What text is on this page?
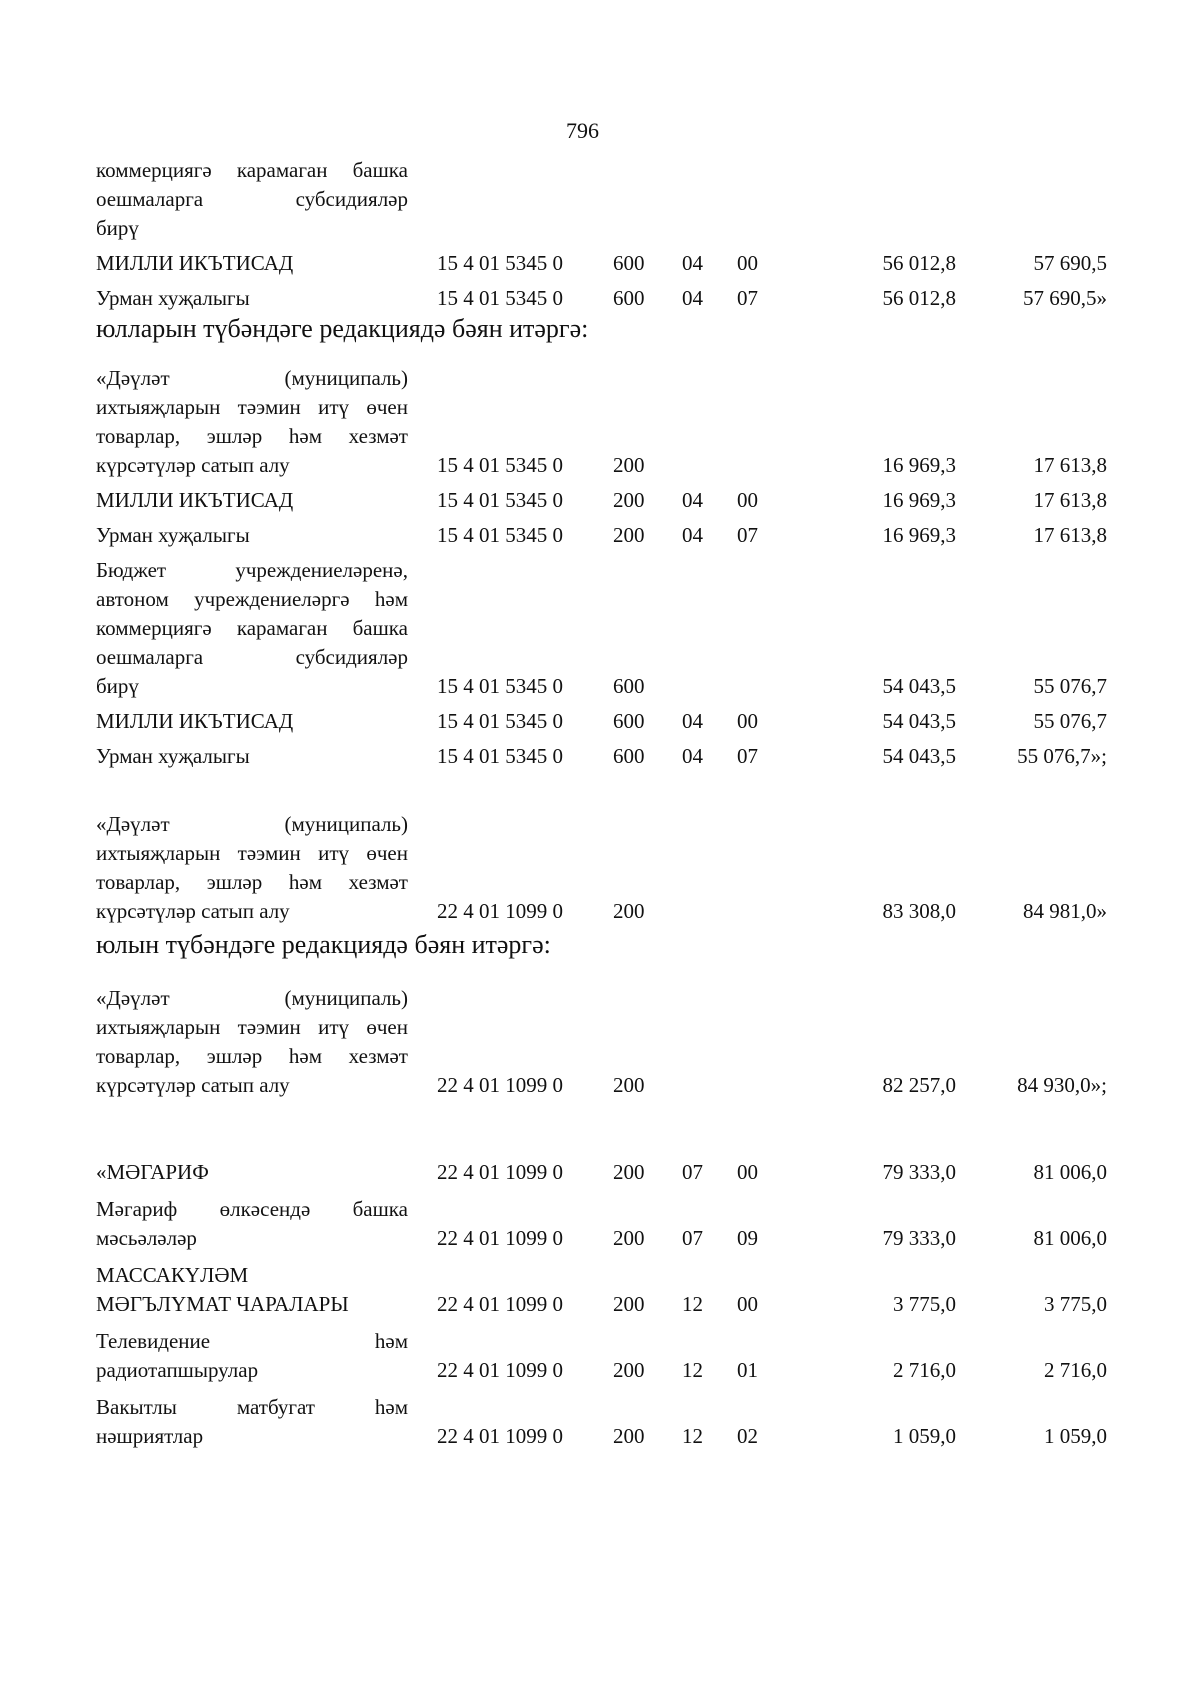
796
коммерциягә карамаган башка
оешмаларга субсидияләр
бирү
МИЛЛИ ИКЪТИСАД	15 4 01 5345 0 600 04 00	56 012,8	57 690,5
Урман хуҗалыгы	15 4 01 5345 0 600 04 07	56 012,8	57 690,5»
юлларын түбәндәге редакциядә бәян итәргә:
«Дәүләт (муниципаль)
ихтыяҗларын тәэмин итү өчен
товарлар, эшләр һәм хезмәт
күрсәтүләр сатып алу	15 4 01 5345 0 200	16 969,3	17 613,8
МИЛЛИ ИКЪТИСАД	15 4 01 5345 0 200 04 00	16 969,3	17 613,8
Урман хуҗалыгы	15 4 01 5345 0 200 04 07	16 969,3	17 613,8
Бюджет учреждениеләренә,
автоном учреждениеләргә һәм
коммерциягә карамаган башка
оешмаларга субсидияләр
бирү	15 4 01 5345 0 600	54 043,5	55 076,7
МИЛЛИ ИКЪТИСАД	15 4 01 5345 0 600 04 00	54 043,5	55 076,7
Урман хуҗалыгы	15 4 01 5345 0 600 04 07	54 043,5	55 076,7»;
«Дәүләт (муниципаль)
ихтыяҗларын тәэмин итү өчен
товарлар, эшләр һәм хезмәт
күрсәтүләр сатып алу	22 4 01 1099 0 200	83 308,0	84 981,0»
юлын түбәндәге редакциядә бәян итәргә:
«Дәүләт (муниципаль)
ихтыяҗларын тәэмин итү өчен
товарлар, эшләр һәм хезмәт
күрсәтүләр сатып алу	22 4 01 1099 0 200	82 257,0	84 930,0»;
«МӘГАРИФ	22 4 01 1099 0 200 07 00	79 333,0	81 006,0
Мәгариф өлкәсендә башка
мәсьәләләр	22 4 01 1099 0 200 07 09	79 333,0	81 006,0
МАССАКҮЛӘМ
МӘГЪЛҮМАТ ЧАРАЛАРЫ	22 4 01 1099 0 200 12 00	3 775,0	3 775,0
Телевидение һәм
радиотапшырулар	22 4 01 1099 0 200 12 01	2 716,0	2 716,0
Вакытлы матбугат һәм
нәшриятлар	22 4 01 1099 0 200 12 02	1 059,0	1 059,0
